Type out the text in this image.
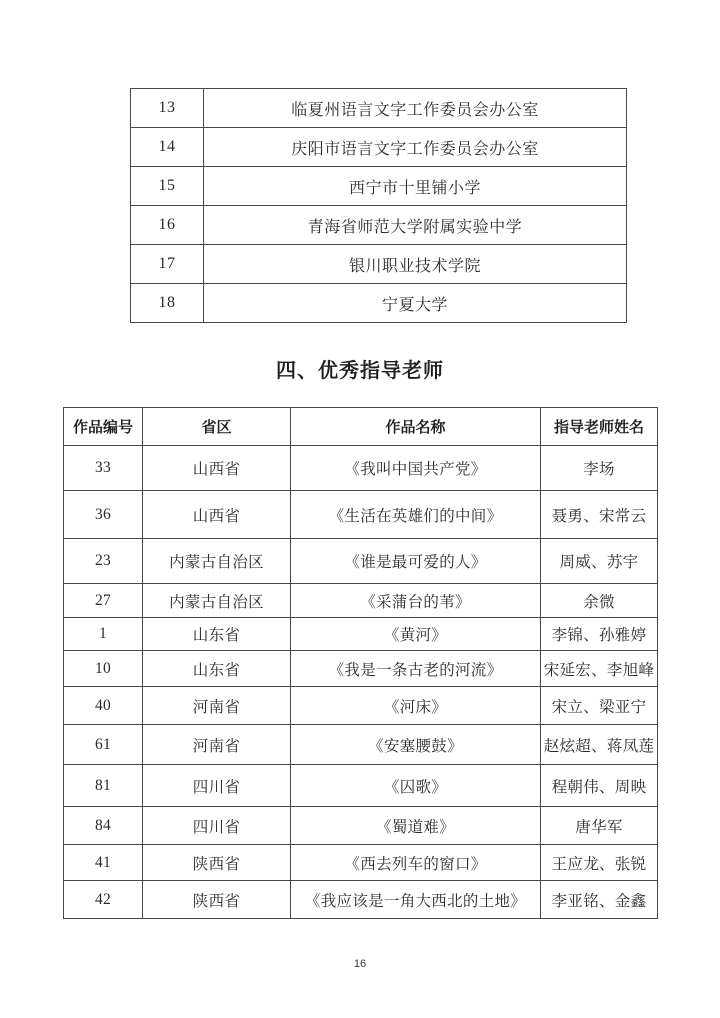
13	临夏州语言文字工作委员会办公室
14	庆阳市语言文字工作委员会办公室
15	西宁市十里铺小学
16	青海省师范大学附属实验中学
17	银川职业技术学院
18	宁夏大学
四、优秀指导老师
作品编号	省区	作品名称	指导老师姓名
33	山西省	《我叫中国共产党》	李场
36	山西省	《生活在英雄们的中间》	聂勇、宋常云
23	内蒙古自治区	《谁是最可爱的人》	周威、苏宇
27	内蒙古自治区	《采蒲台的苇》	余微
1	山东省	《黄河》	李锦、孙雅婷
10	山东省	《我是一条古老的河流》	宋延宏、李旭峰
40	河南省	《河床》	宋立、梁亚宁
61	河南省	《安塞腰鼓》	赵炫超、蒋凤莲
81	四川省	《囚歌》	程朝伟、周映
84	四川省	《蜀道难》	唐华军
41	陕西省	《西去列车的窗口》	王应龙、张锐
42	陕西省	《我应该是一角大西北的土地》	李亚铭、金鑫
16
